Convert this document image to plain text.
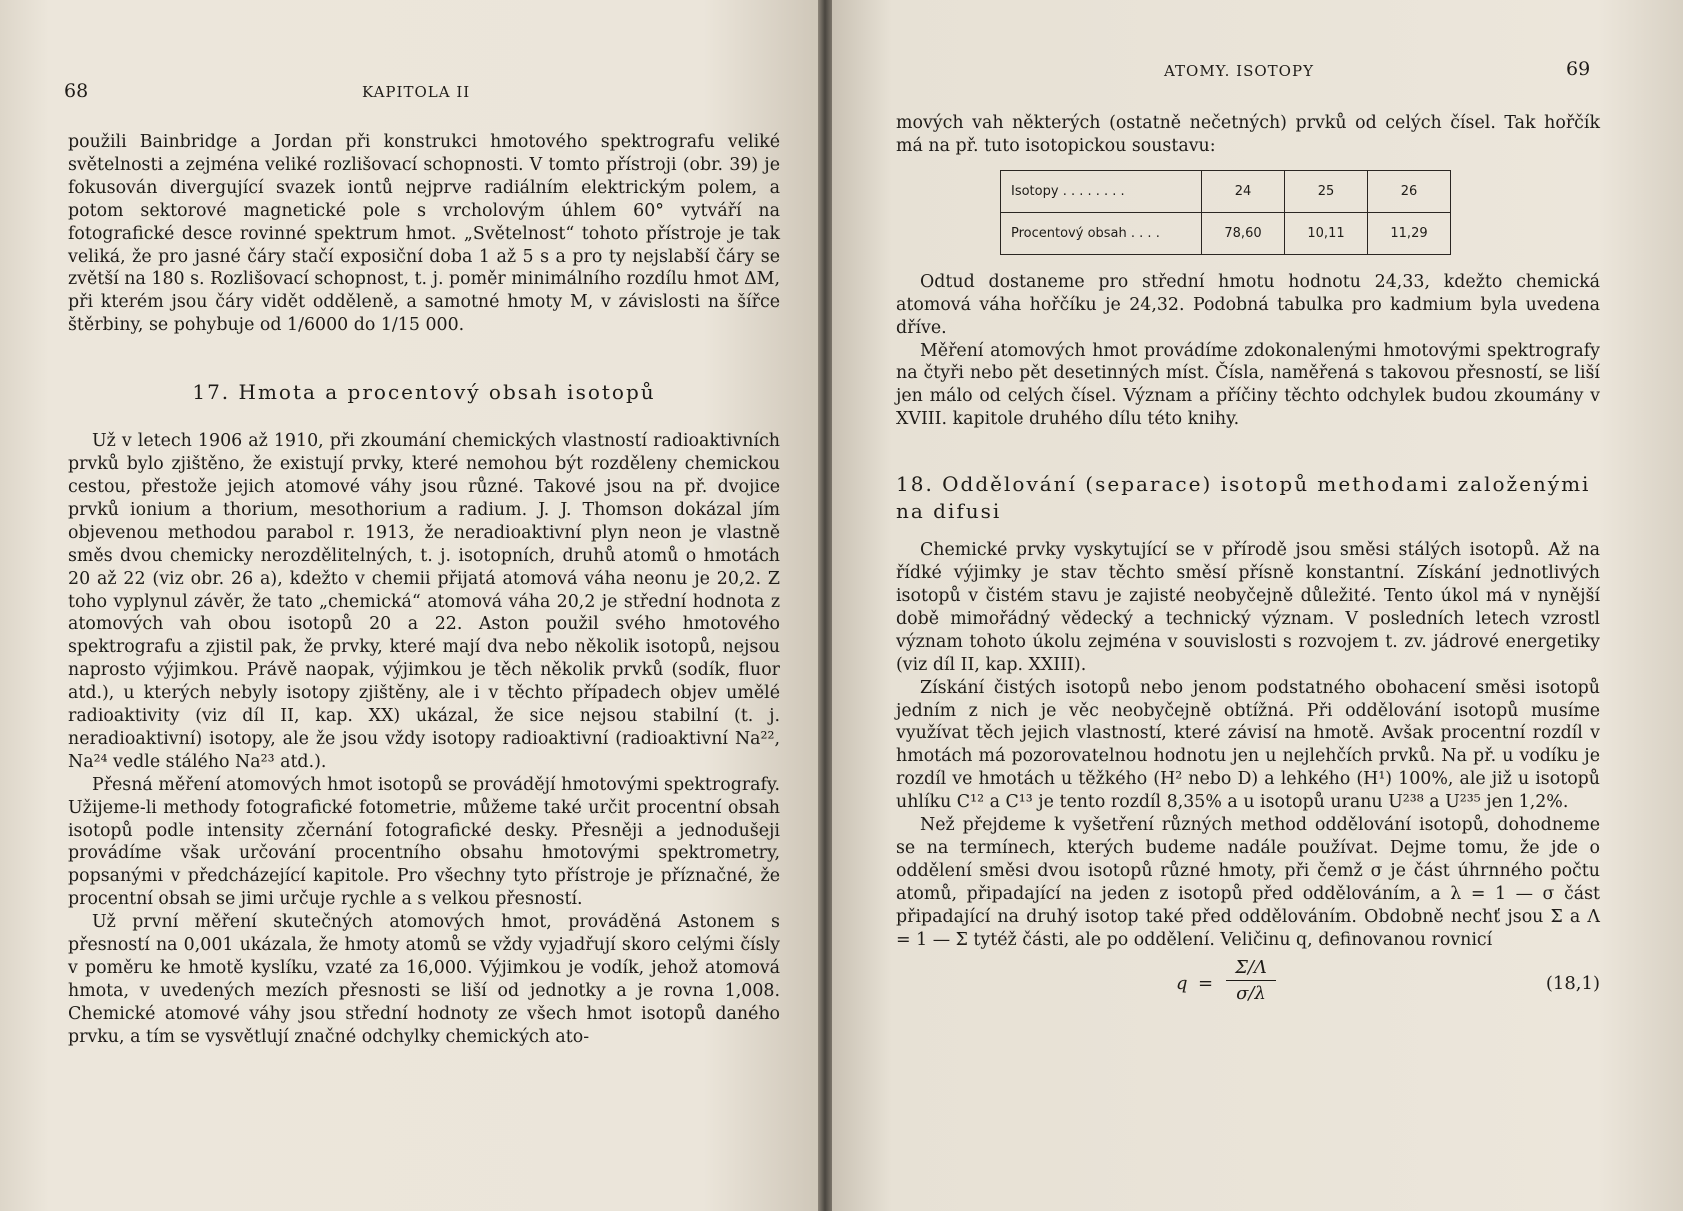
68	KAPITOLA II

použili Bainbridge a Jordan při konstrukci hmotového spektrografu veliké světelnosti a zejména veliké rozlišovací schopnosti. V tomto přístroji (obr. 39) je fokusován divergující svazek iontů nejprve radiálním elektrickým polem, a potom sektorové magnetické pole s vrcholovým úhlem 60° vytváří na fotografické desce rovinné spektrum hmot. „Světelnost“ tohoto přístroje je tak veliká, že pro jasné čáry stačí exposiční doba 1 až 5 s a pro ty nejslabší čáry se zvětší na 180 s. Rozlišovací schopnost, t. j. poměr minimálního rozdílu hmot ΔM, při kterém jsou čáry vidět odděleně, a samotné hmoty M, v závislosti na šířce štěrbiny, se pohybuje od 1/6000 do 1/15 000.

17. Hmota a procentový obsah isotopů

Už v letech 1906 až 1910, při zkoumání chemických vlastností radioaktivních prvků bylo zjištěno, že existují prvky, které nemohou být rozděleny chemickou cestou, přestože jejich atomové váhy jsou různé. Takové jsou na př. dvojice prvků ionium a thorium, mesothorium a radium. J. J. Thomson dokázal jím objevenou methodou parabol r. 1913, že neradioaktivní plyn neon je vlastně směs dvou chemicky nerozdělitelných, t. j. isotopních, druhů atomů o hmotách 20 až 22 (viz obr. 26 a), kdežto v chemii přijatá atomová váha neonu je 20,2. Z toho vyplynul závěr, že tato „chemická“ atomová váha 20,2 je střední hodnota z atomových vah obou isotopů 20 a 22. Aston použil svého hmotového spektrografu a zjistil pak, že prvky, které mají dva nebo několik isotopů, nejsou naprosto výjimkou. Právě naopak, výjimkou je těch několik prvků (sodík, fluor atd.), u kterých nebyly isotopy zjištěny, ale i v těchto případech objev umělé radioaktivity (viz díl II, kap. XX) ukázal, že sice nejsou stabilní (t. j. neradioaktivní) isotopy, ale že jsou vždy isotopy radioaktivní (radioaktivní Na²², Na²⁴ vedle stálého Na²³ atd.).

Přesná měření atomových hmot isotopů se provádějí hmotovými spektrografy. Užijeme-li methody fotografické fotometrie, můžeme také určit procentní obsah isotopů podle intensity zčernání fotografické desky. Přesněji a jednodušeji provádíme však určování procentního obsahu hmotovými spektrometry, popsanými v předcházející kapitole. Pro všechny tyto přístroje je příznačné, že procentní obsah se jimi určuje rychle a s velkou přesností.

Už první měření skutečných atomových hmot, prováděná Astonem s přesností na 0,001 ukázala, že hmoty atomů se vždy vyjadřují skoro celými čísly v poměru ke hmotě kyslíku, vzaté za 16,000. Výjimkou je vodík, jehož atomová hmota, v uvedených mezích přesnosti se liší od jednotky a je rovna 1,008. Chemické atomové váhy jsou střední hodnoty ze všech hmot isotopů daného prvku, a tím se vysvětlují značné odchylky chemických ato-

ATOMY. ISOTOPY	69

mových vah některých (ostatně nečetných) prvků od celých čísel. Tak hořčík má na př. tuto isotopickou soustavu:

Isotopy . . . . . . . .	24	25	26
Procentový obsah . . . .	78,60	10,11	11,29

Odtud dostaneme pro střední hmotu hodnotu 24,33, kdežto chemická atomová váha hořčíku je 24,32. Podobná tabulka pro kadmium byla uvedena dříve.

Měření atomových hmot provádíme zdokonalenými hmotovými spektrografy na čtyři nebo pět desetinných míst. Čísla, naměřená s takovou přesností, se liší jen málo od celých čísel. Význam a příčiny těchto odchylek budou zkoumány v XVIII. kapitole druhého dílu této knihy.

18. Oddělování (separace) isotopů methodami založenými na difusi

Chemické prvky vyskytující se v přírodě jsou směsi stálých isotopů. Až na řídké výjimky je stav těchto směsí přísně konstantní. Získání jednotlivých isotopů v čistém stavu je zajisté neobyčejně důležité. Tento úkol má v nynější době mimořádný vědecký a technický význam. V posledních letech vzrostl význam tohoto úkolu zejména v souvislosti s rozvojem t. zv. jádrové energetiky (viz díl II, kap. XXIII).

Získání čistých isotopů nebo jenom podstatného obohacení směsi isotopů jedním z nich je věc neobyčejně obtížná. Při oddělování isotopů musíme využívat těch jejich vlastností, které závisí na hmotě. Avšak procentní rozdíl v hmotách má pozorovatelnou hodnotu jen u nejlehčích prvků. Na př. u vodíku je rozdíl ve hmotách u těžkého (H² nebo D) a lehkého (H¹) 100%, ale již u isotopů uhlíku C¹² a C¹³ je tento rozdíl 8,35% a u isotopů uranu U²³⁸ a U²³⁵ jen 1,2%.

Než přejdeme k vyšetření různých method oddělování isotopů, dohodneme se na termínech, kterých budeme nadále používat. Dejme tomu, že jde o oddělení směsi dvou isotopů různé hmoty, při čemž σ je část úhrnného počtu atomů, připadající na jeden z isotopů před oddělováním, a λ = 1 — σ část připadající na druhý isotop také před oddělováním. Obdobně nechť jsou Σ a Λ = 1 — Σ tytéž části, ale po oddělení. Veličinu q, definovanou rovnicí

$q = \frac{\Sigma/\Lambda}{\sigma/\lambda}$	(18,1)
